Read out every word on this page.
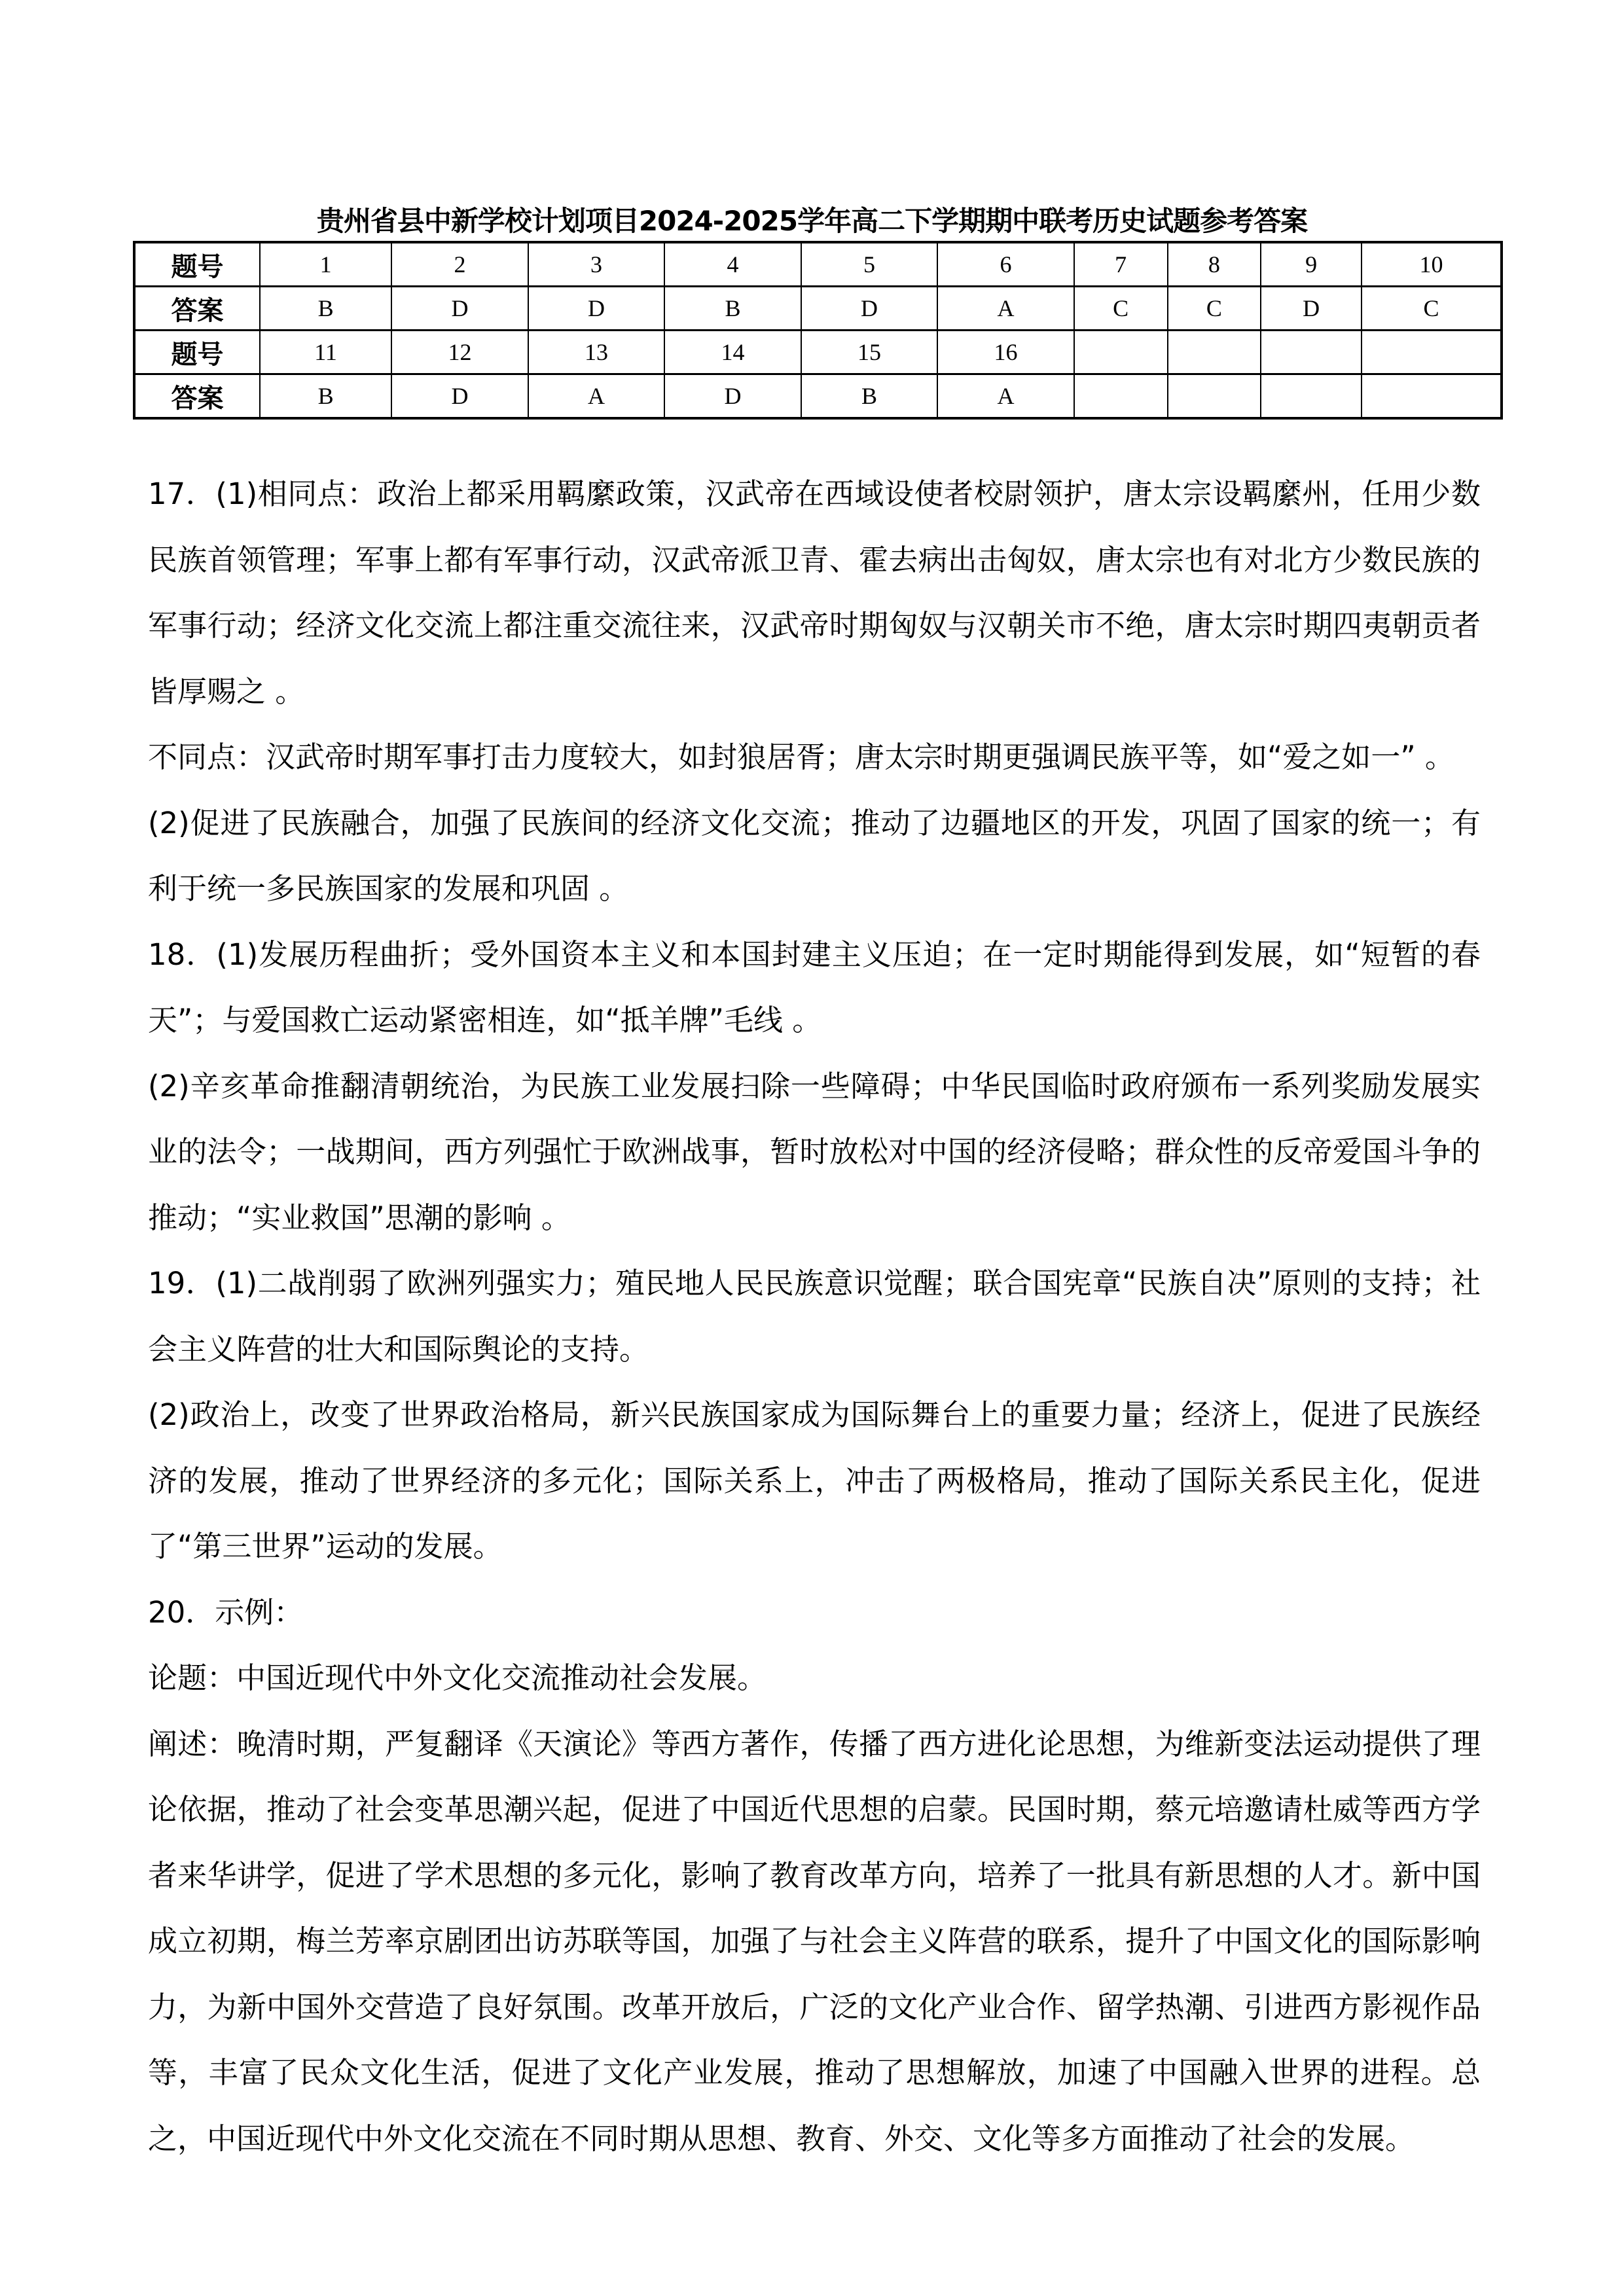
贵州省县中新学校计划项目2024-2025学年高二下学期期中联考历史试题参考答案
题号	1	2	3	4	5	6	7	8	9	10
答案	B	D	D	B	D	A	C	C	D	C
题号	11	12	13	14	15	16				
答案	B	D	A	D	B	A				

17．(1)相同点：政治上都采用羁縻政策，汉武帝在西域设使者校尉领护，唐太宗设羁縻州，任用少数民族首领管理；军事上都有军事行动，汉武帝派卫青、霍去病出击匈奴，唐太宗也有对北方少数民族的军事行动；经济文化交流上都注重交流往来，汉武帝时期匈奴与汉朝关市不绝，唐太宗时期四夷朝贡者皆厚赐之 。

不同点：汉武帝时期军事打击力度较大，如封狼居胥；唐太宗时期更强调民族平等，如“爱之如一” 。

(2)促进了民族融合，加强了民族间的经济文化交流；推动了边疆地区的开发，巩固了国家的统一；有利于统一多民族国家的发展和巩固 。

18．(1)发展历程曲折；受外国资本主义和本国封建主义压迫；在一定时期能得到发展，如“短暂的春天”；与爱国救亡运动紧密相连，如“抵羊牌”毛线 。

(2)辛亥革命推翻清朝统治，为民族工业发展扫除一些障碍；中华民国临时政府颁布一系列奖励发展实业的法令；一战期间，西方列强忙于欧洲战事，暂时放松对中国的经济侵略；群众性的反帝爱国斗争的推动；“实业救国”思潮的影响 。

19．(1)二战削弱了欧洲列强实力；殖民地人民民族意识觉醒；联合国宪章“民族自决”原则的支持；社会主义阵营的壮大和国际舆论的支持。

(2)政治上，改变了世界政治格局，新兴民族国家成为国际舞台上的重要力量；经济上，促进了民族经济的发展，推动了世界经济的多元化；国际关系上，冲击了两极格局，推动了国际关系民主化，促进了“第三世界”运动的发展。

20．示例：

论题：中国近现代中外文化交流推动社会发展。

阐述：晚清时期，严复翻译《天演论》等西方著作，传播了西方进化论思想，为维新变法运动提供了理论依据，推动了社会变革思潮兴起，促进了中国近代思想的启蒙。民国时期，蔡元培邀请杜威等西方学者来华讲学，促进了学术思想的多元化，影响了教育改革方向，培养了一批具有新思想的人才。新中国成立初期，梅兰芳率京剧团出访苏联等国，加强了与社会主义阵营的联系，提升了中国文化的国际影响力，为新中国外交营造了良好氛围。改革开放后，广泛的文化产业合作、留学热潮、引进西方影视作品等，丰富了民众文化生活，促进了文化产业发展，推动了思想解放，加速了中国融入世界的进程。总之，中国近现代中外文化交流在不同时期从思想、教育、外交、文化等多方面推动了社会的发展。
